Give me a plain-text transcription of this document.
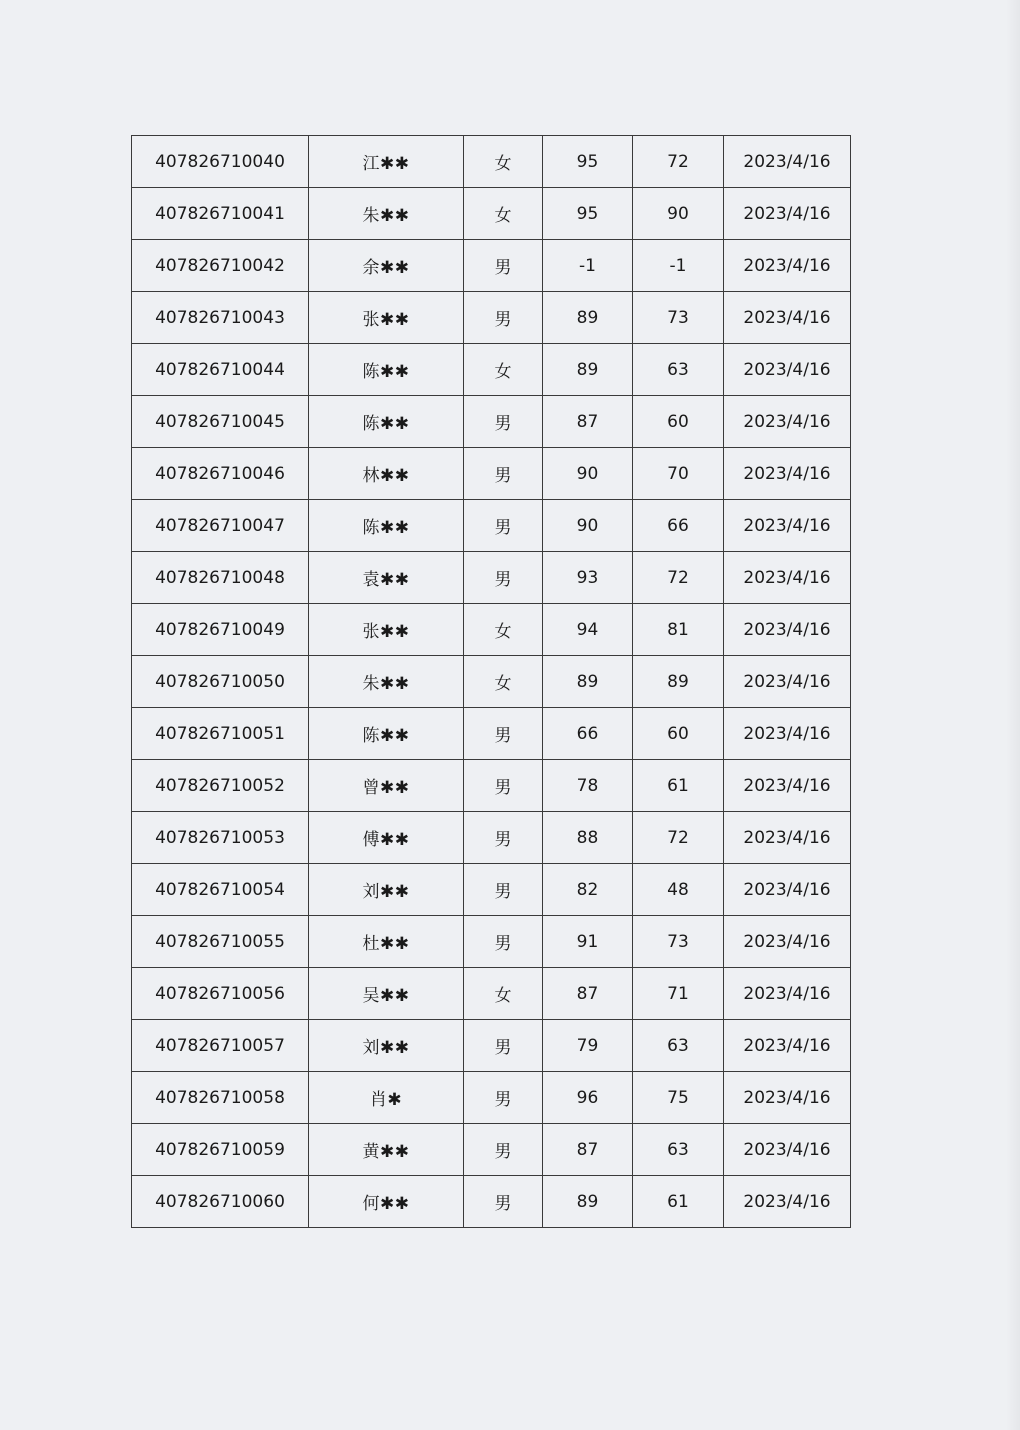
407826710040	江✱✱	女	95	72	2023/4/16
407826710041	朱✱✱	女	95	90	2023/4/16
407826710042	余✱✱	男	-1	-1	2023/4/16
407826710043	张✱✱	男	89	73	2023/4/16
407826710044	陈✱✱	女	89	63	2023/4/16
407826710045	陈✱✱	男	87	60	2023/4/16
407826710046	林✱✱	男	90	70	2023/4/16
407826710047	陈✱✱	男	90	66	2023/4/16
407826710048	袁✱✱	男	93	72	2023/4/16
407826710049	张✱✱	女	94	81	2023/4/16
407826710050	朱✱✱	女	89	89	2023/4/16
407826710051	陈✱✱	男	66	60	2023/4/16
407826710052	曾✱✱	男	78	61	2023/4/16
407826710053	傅✱✱	男	88	72	2023/4/16
407826710054	刘✱✱	男	82	48	2023/4/16
407826710055	杜✱✱	男	91	73	2023/4/16
407826710056	吴✱✱	女	87	71	2023/4/16
407826710057	刘✱✱	男	79	63	2023/4/16
407826710058	肖✱	男	96	75	2023/4/16
407826710059	黄✱✱	男	87	63	2023/4/16
407826710060	何✱✱	男	89	61	2023/4/16
